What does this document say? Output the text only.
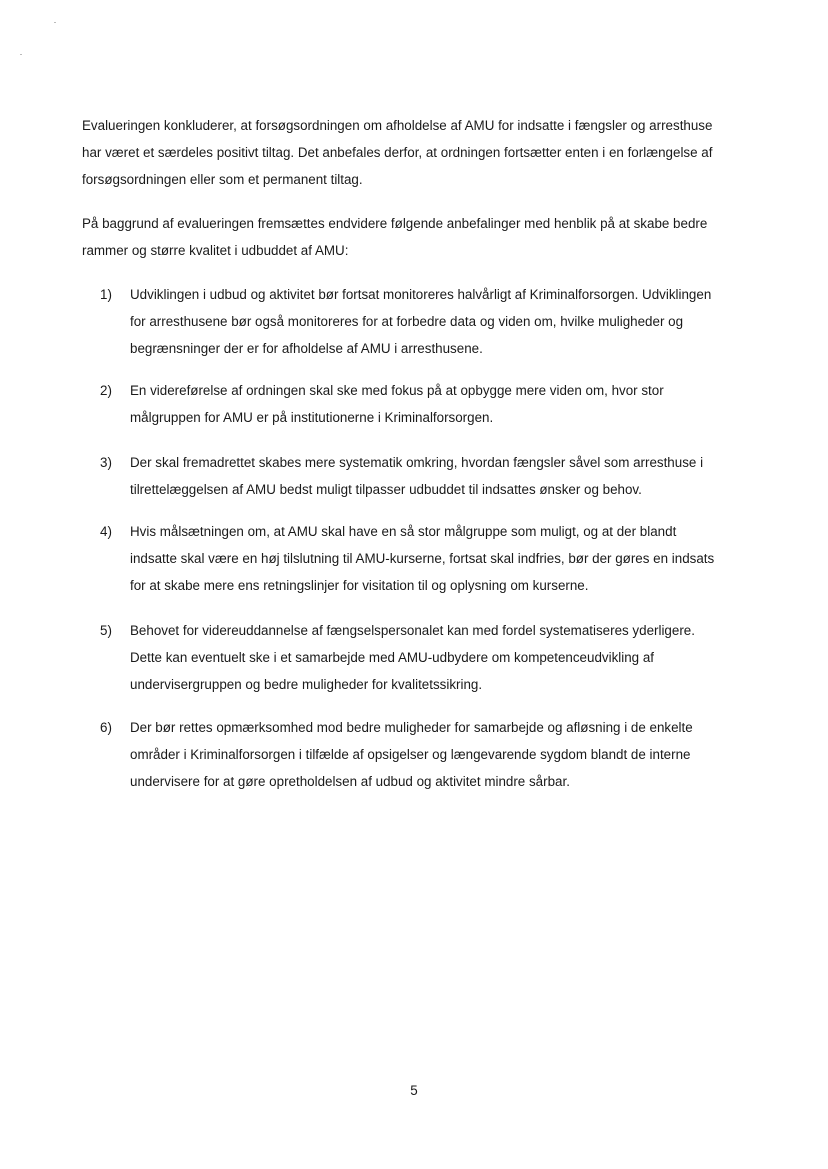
Evalueringen konkluderer, at forsøgsordningen om afholdelse af AMU for indsatte i fængsler og arresthuse
har været et særdeles positivt tiltag. Det anbefales derfor, at ordningen fortsætter enten i en forlængelse af
forsøgsordningen eller som et permanent tiltag.
På baggrund af evalueringen fremsættes endvidere følgende anbefalinger med henblik på at skabe bedre
rammer og større kvalitet i udbuddet af AMU:
1)	Udviklingen i udbud og aktivitet bør fortsat monitoreres halvårligt af Kriminalforsorgen. Udviklingen
for arresthusene bør også monitoreres for at forbedre data og viden om, hvilke muligheder og
begrænsninger der er for afholdelse af AMU i arresthusene.
2)	En videreførelse af ordningen skal ske med fokus på at opbygge mere viden om, hvor stor
målgruppen for AMU er på institutionerne i Kriminalforsorgen.
3)	Der skal fremadrettet skabes mere systematik omkring, hvordan fængsler såvel som arresthuse i
tilrettelæggelsen af AMU bedst muligt tilpasser udbuddet til indsattes ønsker og behov.
4)	Hvis målsætningen om, at AMU skal have en så stor målgruppe som muligt, og at der blandt
indsatte skal være en høj tilslutning til AMU-kurserne, fortsat skal indfries, bør der gøres en indsats
for at skabe mere ens retningslinjer for visitation til og oplysning om kurserne.
5)	Behovet for videreuddannelse af fængselspersonalet kan med fordel systematiseres yderligere.
Dette kan eventuelt ske i et samarbejde med AMU-udbydere om kompetenceudvikling af
undervisergruppen og bedre muligheder for kvalitetssikring.
6)	Der bør rettes opmærksomhed mod bedre muligheder for samarbejde og afløsning i de enkelte
områder i Kriminalforsorgen i tilfælde af opsigelser og længevarende sygdom blandt de interne
undervisere for at gøre opretholdelsen af udbud og aktivitet mindre sårbar.
5
